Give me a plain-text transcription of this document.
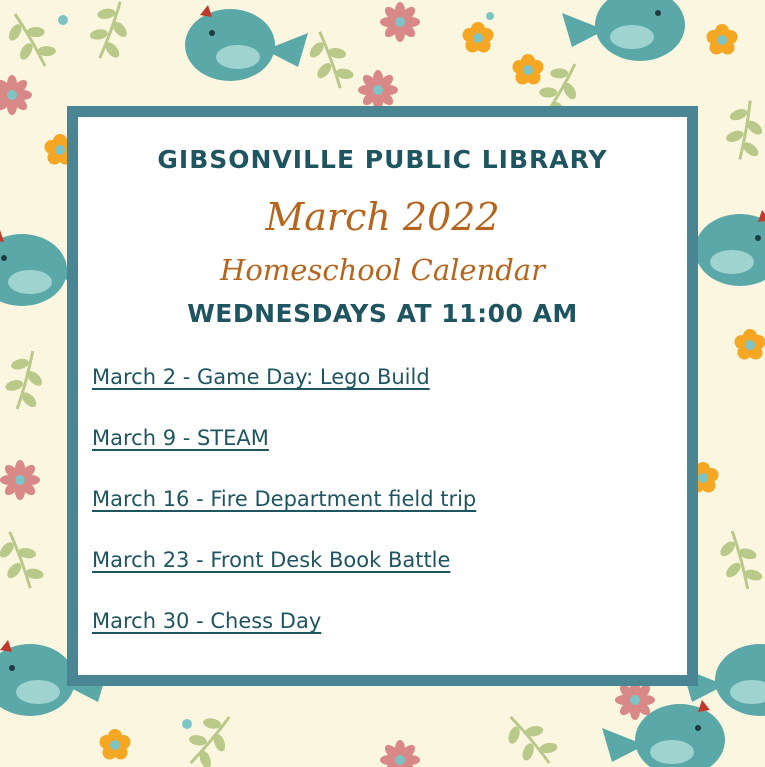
GIBSONVILLE PUBLIC LIBRARY
March 2022
Homeschool Calendar
WEDNESDAYS AT 11:00 AM
March 2 - Game Day: Lego Build
March 9 - STEAM
March 16 - Fire Department field trip
March 23 - Front Desk Book Battle
March 30 - Chess Day
